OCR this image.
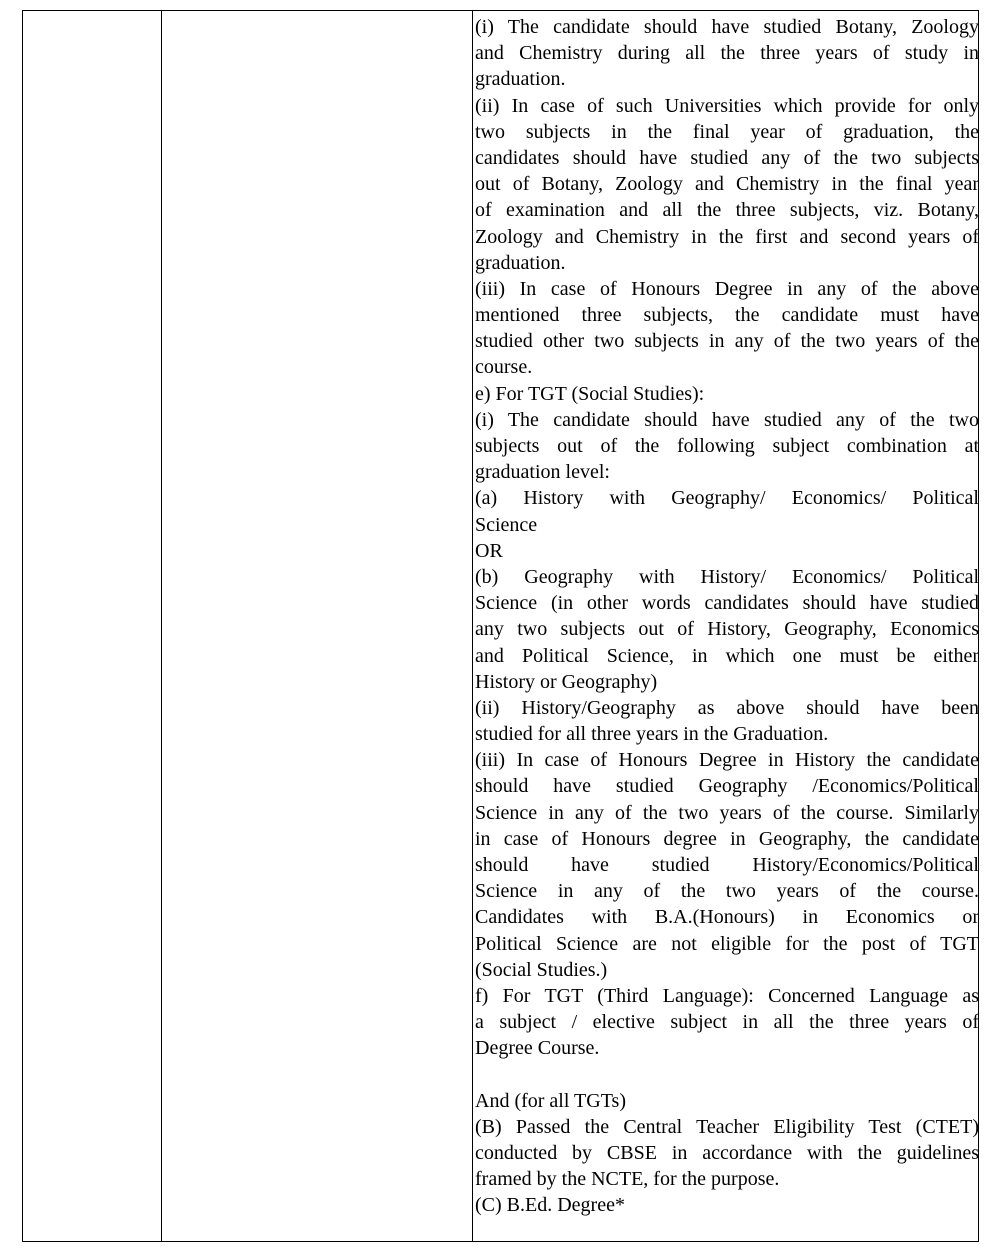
(i) The candidate should have studied Botany, Zoology
and Chemistry during all the three years of study in
graduation.
(ii) In case of such Universities which provide for only
two subjects in the final year of graduation, the
candidates should have studied any of the two subjects
out of Botany, Zoology and Chemistry in the final year
of examination and all the three subjects, viz. Botany,
Zoology and Chemistry in the first and second years of
graduation.
(iii) In case of Honours Degree in any of the above
mentioned three subjects, the candidate must have
studied other two subjects in any of the two years of the
course.
e) For TGT (Social Studies):
(i) The candidate should have studied any of the two
subjects out of the following subject combination at
graduation level:
(a) History with Geography/ Economics/ Political
Science
OR
(b) Geography with History/ Economics/ Political
Science (in other words candidates should have studied
any two subjects out of History, Geography, Economics
and Political Science, in which one must be either
History or Geography)
(ii) History/Geography as above should have been
studied for all three years in the Graduation.
(iii) In case of Honours Degree in History the candidate
should have studied Geography /Economics/Political
Science in any of the two years of the course. Similarly
in case of Honours degree in Geography, the candidate
should have studied History/Economics/Political
Science in any of the two years of the course.
Candidates with B.A.(Honours) in Economics or
Political Science are not eligible for the post of TGT
(Social Studies.)
f) For TGT (Third Language): Concerned Language as
a subject / elective subject in all the three years of
Degree Course.
And (for all TGTs)
(B) Passed the Central Teacher Eligibility Test (CTET)
conducted by CBSE in accordance with the guidelines
framed by the NCTE, for the purpose.
(C) B.Ed. Degree*
